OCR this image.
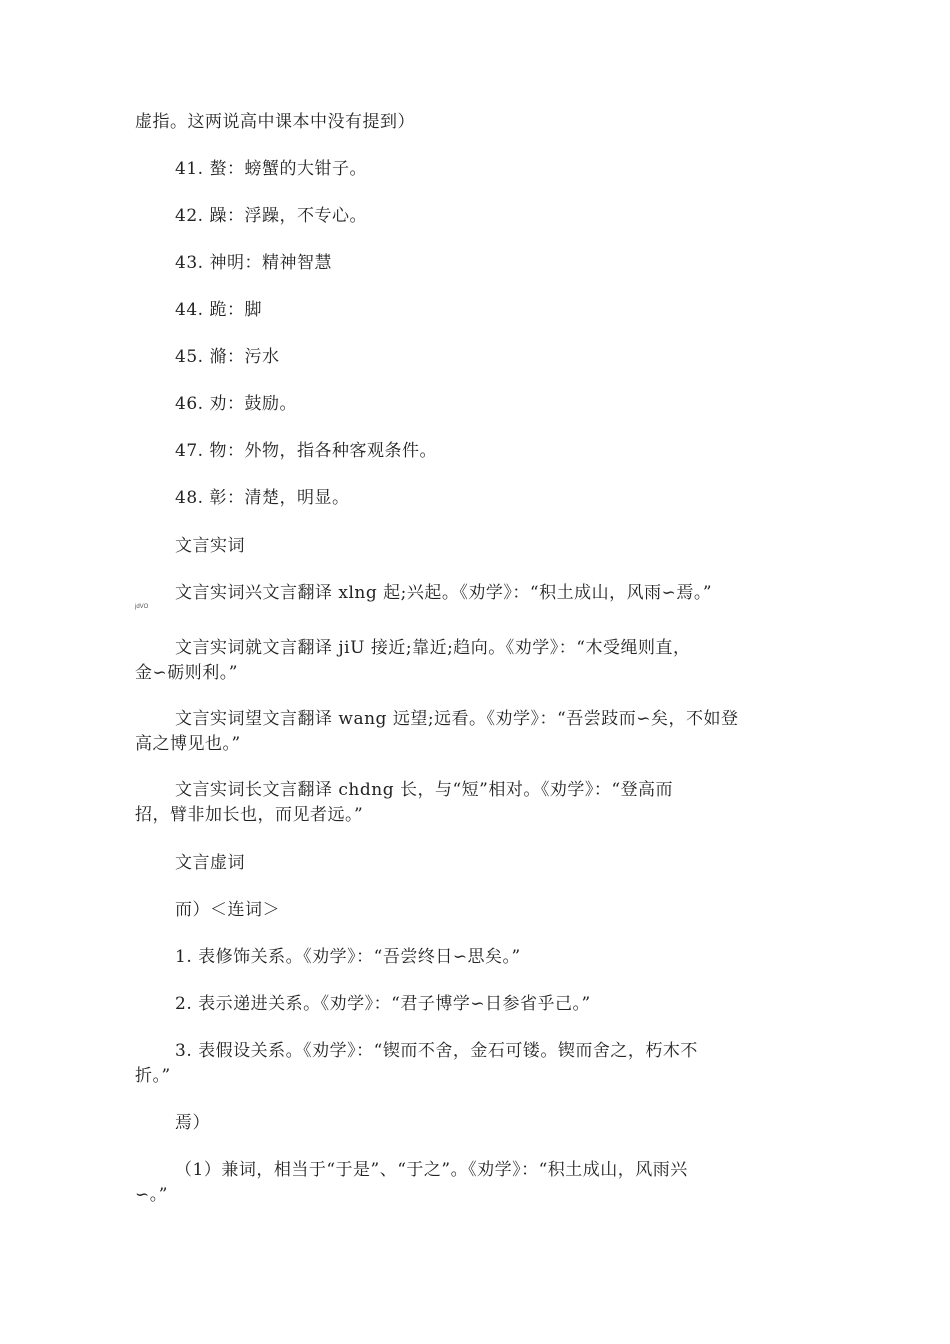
虚指。这两说高中课本中没有提到）
41. 螯：螃蟹的大钳子。
42. 躁：浮躁，不专心。
43. 神明：精神智慧
44. 跪：脚
45. 滫：污水
46. 劝：鼓励。
47. 物：外物，指各种客观条件。
48. 彰：清楚，明显。
文言实词
文言实词兴文言翻译 xlng 起;兴起。《劝学》：“积土成山，风雨∽焉。”
jdVO
文言实词就文言翻译 jiU 接近;靠近;趋向。《劝学》：“木受绳则直，
金∽砺则利。”
文言实词望文言翻译 wang 远望;远看。《劝学》：“吾尝跂而∽矣，不如登
高之博见也。”
文言实词长文言翻译 chdng 长，与“短”相对。《劝学》：“登高而
招，臂非加长也，而见者远。”
文言虚词
而）＜连词＞
1. 表修饰关系。《劝学》：“吾尝终日∽思矣。”
2. 表示递进关系。《劝学》：“君子博学∽日参省乎己。”
3. 表假设关系。《劝学》：“锲而不舍，金石可镂。锲而舍之，朽木不
折。”
焉）
（1）兼词，相当于“于是”、“于之”。《劝学》：“积土成山，风雨兴
∽。”
